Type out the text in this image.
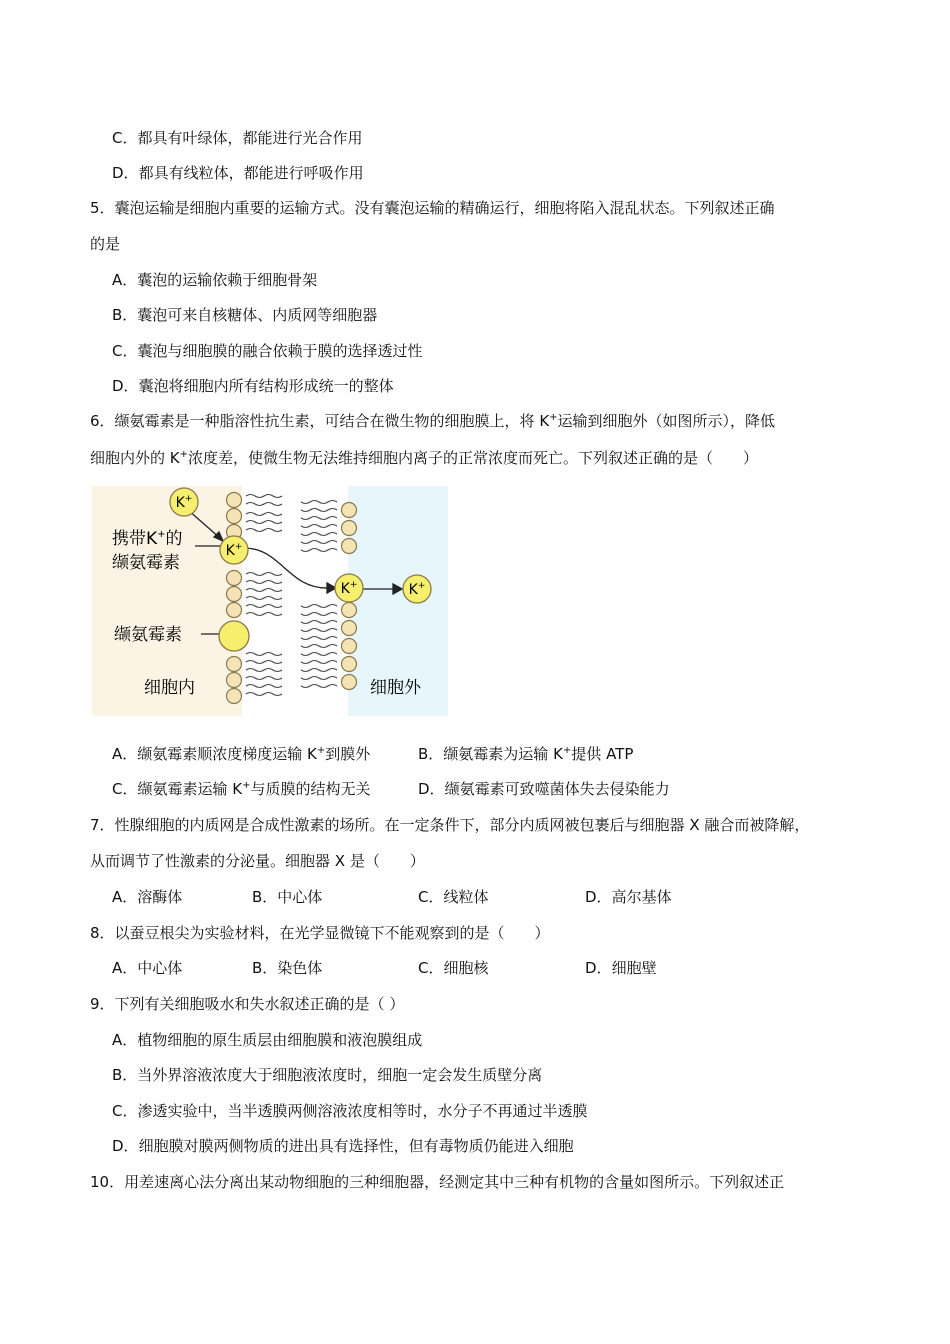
C．都具有叶绿体，都能进行光合作用
D．都具有线粒体，都能进行呼吸作用
5．囊泡运输是细胞内重要的运输方式。没有囊泡运输的精确运行，细胞将陷入混乱状态。下列叙述正确
的是
A．囊泡的运输依赖于细胞骨架
B．囊泡可来自核糖体、内质网等细胞器
C．囊泡与细胞膜的融合依赖于膜的选择透过性
D．囊泡将细胞内所有结构形成统一的整体
6．缬氨霉素是一种脂溶性抗生素，可结合在微生物的细胞膜上，将 K+运输到细胞外（如图所示），降低
细胞内外的 K+浓度差，使微生物无法维持细胞内离子的正常浓度而死亡。下列叙述正确的是（　　）
K+
K+
K+	K+
携带K+的
缬氨霉素
缬氨霉素
细胞内	细胞外
A．缬氨霉素顺浓度梯度运输 K+到膜外	B．缬氨霉素为运输 K+提供 ATP
C．缬氨霉素运输 K+与质膜的结构无关	D．缬氨霉素可致噬菌体失去侵染能力
7．性腺细胞的内质网是合成性激素的场所。在一定条件下，部分内质网被包裹后与细胞器 X 融合而被降解，
从而调节了性激素的分泌量。细胞器 X 是（　　）
A．溶酶体	B．中心体	C．线粒体	D．高尔基体
8．以蚕豆根尖为实验材料，在光学显微镜下不能观察到的是（　　）
A．中心体	B．染色体	C．细胞核	D．细胞壁
9．下列有关细胞吸水和失水叙述正确的是（ ）
A．植物细胞的原生质层由细胞膜和液泡膜组成
B．当外界溶液浓度大于细胞液浓度时，细胞一定会发生质壁分离
C．渗透实验中，当半透膜两侧溶液浓度相等时，水分子不再通过半透膜
D．细胞膜对膜两侧物质的进出具有选择性，但有毒物质仍能进入细胞
10．用差速离心法分离出某动物细胞的三种细胞器，经测定其中三种有机物的含量如图所示。下列叙述正
